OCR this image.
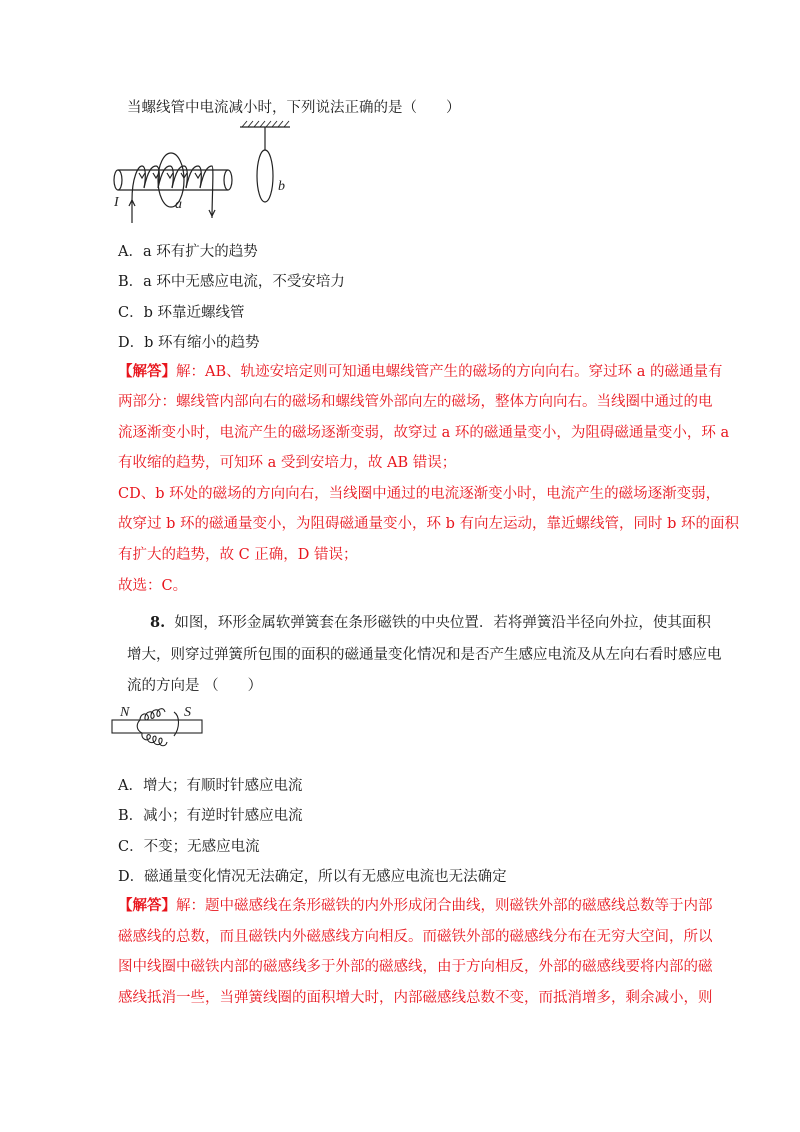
当螺线管中电流减小时，下列说法正确的是（　　）
I	a
b
A．a 环有扩大的趋势
B．a 环中无感应电流，不受安培力
C．b 环靠近螺线管
D．b 环有缩小的趋势
【解答】解：AB、轨迹安培定则可知通电螺线管产生的磁场的方向向右。穿过环 a 的磁通量有
两部分：螺线管内部向右的磁场和螺线管外部向左的磁场，整体方向向右。当线圈中通过的电
流逐渐变小时，电流产生的磁场逐渐变弱，故穿过 a 环的磁通量变小，为阻碍磁通量变小，环 a
有收缩的趋势，可知环 a 受到安培力，故 AB 错误；
CD、b 环处的磁场的方向向右，当线圈中通过的电流逐渐变小时，电流产生的磁场逐渐变弱，
故穿过 b 环的磁通量变小，为阻碍磁通量变小，环 b 有向左运动，靠近螺线管，同时 b 环的面积
有扩大的趋势，故 C 正确，D 错误；
故选：C。
8. 如图，环形金属软弹簧套在条形磁铁的中央位置．若将弹簧沿半径向外拉，使其面积
增大，则穿过弹簧所包围的面积的磁通量变化情况和是否产生感应电流及从左向右看时感应电
流的方向是 （　　）
N	S
A．增大；有顺时针感应电流
B．减小；有逆时针感应电流
C．不变；无感应电流
D．磁通量变化情况无法确定，所以有无感应电流也无法确定
【解答】解：题中磁感线在条形磁铁的内外形成闭合曲线，则磁铁外部的磁感线总数等于内部
磁感线的总数，而且磁铁内外磁感线方向相反。而磁铁外部的磁感线分布在无穷大空间，所以
图中线圈中磁铁内部的磁感线多于外部的磁感线，由于方向相反，外部的磁感线要将内部的磁
感线抵消一些，当弹簧线圈的面积增大时，内部磁感线总数不变，而抵消增多，剩余减小，则
